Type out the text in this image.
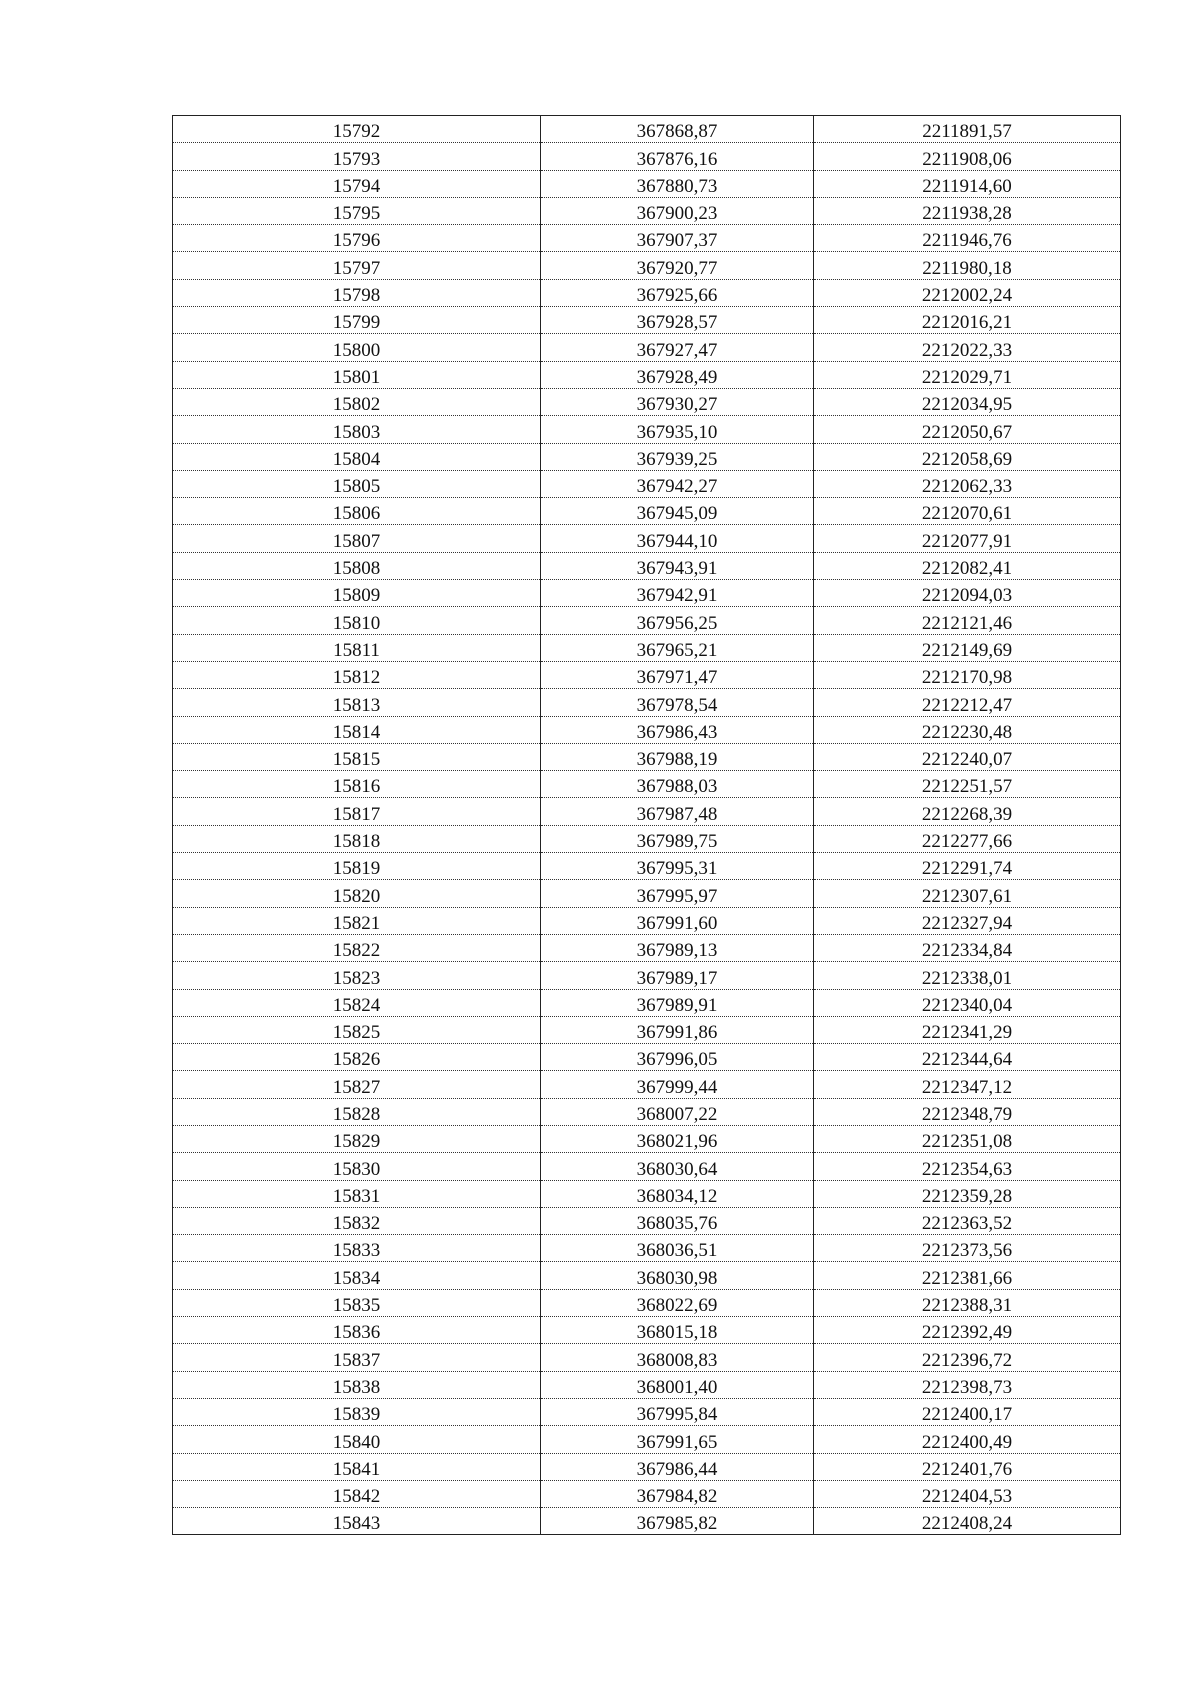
15792	367868,87	2211891,57
15793	367876,16	2211908,06
15794	367880,73	2211914,60
15795	367900,23	2211938,28
15796	367907,37	2211946,76
15797	367920,77	2211980,18
15798	367925,66	2212002,24
15799	367928,57	2212016,21
15800	367927,47	2212022,33
15801	367928,49	2212029,71
15802	367930,27	2212034,95
15803	367935,10	2212050,67
15804	367939,25	2212058,69
15805	367942,27	2212062,33
15806	367945,09	2212070,61
15807	367944,10	2212077,91
15808	367943,91	2212082,41
15809	367942,91	2212094,03
15810	367956,25	2212121,46
15811	367965,21	2212149,69
15812	367971,47	2212170,98
15813	367978,54	2212212,47
15814	367986,43	2212230,48
15815	367988,19	2212240,07
15816	367988,03	2212251,57
15817	367987,48	2212268,39
15818	367989,75	2212277,66
15819	367995,31	2212291,74
15820	367995,97	2212307,61
15821	367991,60	2212327,94
15822	367989,13	2212334,84
15823	367989,17	2212338,01
15824	367989,91	2212340,04
15825	367991,86	2212341,29
15826	367996,05	2212344,64
15827	367999,44	2212347,12
15828	368007,22	2212348,79
15829	368021,96	2212351,08
15830	368030,64	2212354,63
15831	368034,12	2212359,28
15832	368035,76	2212363,52
15833	368036,51	2212373,56
15834	368030,98	2212381,66
15835	368022,69	2212388,31
15836	368015,18	2212392,49
15837	368008,83	2212396,72
15838	368001,40	2212398,73
15839	367995,84	2212400,17
15840	367991,65	2212400,49
15841	367986,44	2212401,76
15842	367984,82	2212404,53
15843	367985,82	2212408,24
